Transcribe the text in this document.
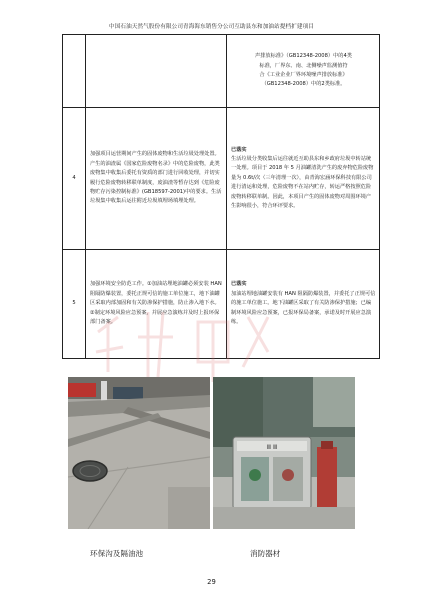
中国石油天然气股份有限公司青海海东销售分公司互助县东和加油站提档扩建项目

		声排放标准》（GB12348-2008）中的4类
标准，厂界东、南、北侧噪声监测值符
合《工业企业厂界环境噪声排放标准》
（GB12348-2008）中的2类标准。

4	加强项目运营期间产生的固体废物和生活垃圾处理处置。产生的油渣属《国家危险废物名录》中的危险废物，此类废物集中收集后委托有资质的部门进行回收处理，并切实履行危险废物转移联单制度，废油渣等暂存达到《危险废物贮存污染控制标准》(GB18597-2001)中的要求。生活垃圾集中收集后运往附近垃圾填埋场填埋处理。	已落实
生活垃圾分类收集后运往就近互助县东和乡政府垃圾中转站统一处理。项目于 2018 年 5 月油罐清洗产生的废弃物危险废物量为 0.6t/次（三年清理一次），由青海宏涵环保科技有限公司进行清运和处理，危险废物不在站内贮存，转运严格按照危险废物转移联单制。因此，本项目产生的固体废物对周围环境产生影响很小，符合环评要求。

5	加强环境安全防范工作。①加油站埋地油罐必须安装 HAN 阻隔防爆装置，委托正规可信的施工单位施工，地下油罐区采取内部加固和有关防渗保护措施，防止渗入地下水。②制定环境风险应急预案，并展应急演练并及时上报环保部门备案。	已落实
加油站埋地油罐安装有 HAN 阻隔防爆装置，并委托了正规可信的施工单位施工。地下油罐区采取了有关防渗保护措施；已编制环境风险应急预案，已报环保局备案，承诺及时开展应急演练。
Ⅲ Ⅲ
环保沟及隔油池	消防器材
29
